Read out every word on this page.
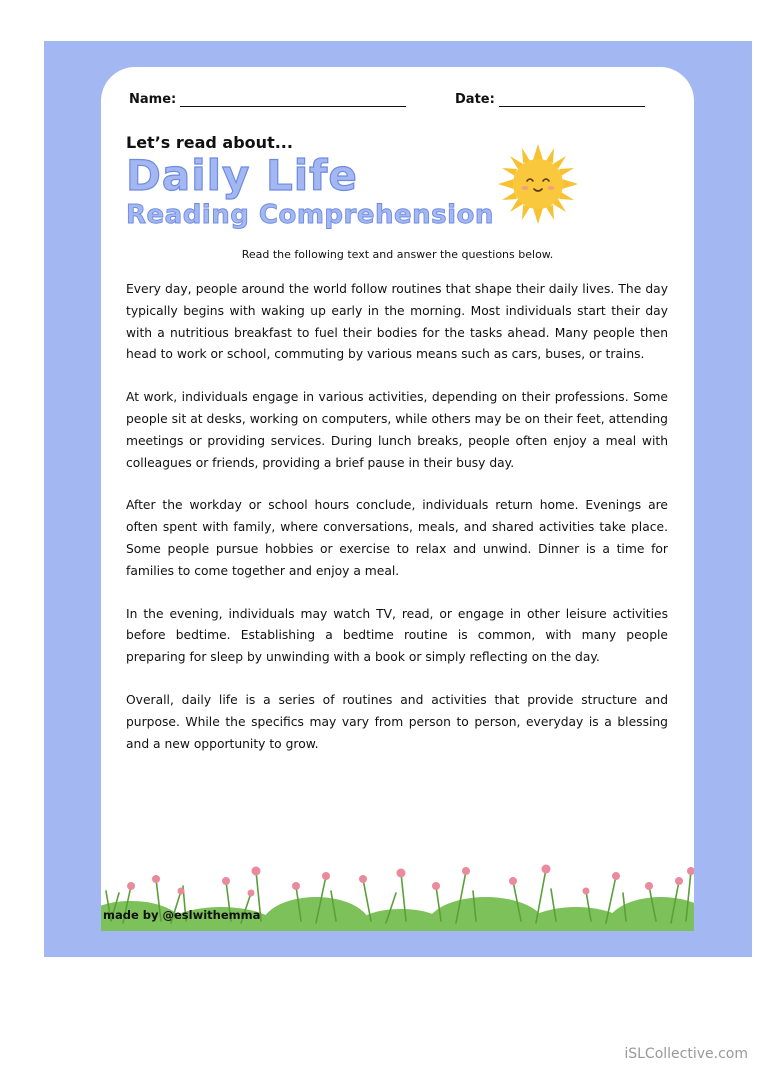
Name:	Date:
Let’s read about...
Daily Life
Reading Comprehension
Read the following text and answer the questions below.

Every day, people around the world follow routines that shape their daily lives. The day typically begins with waking up early in the morning. Most individuals start their day with a nutritious breakfast to fuel their bodies for the tasks ahead. Many people then head to work or school, commuting by various means such as cars, buses, or trains.

At work, individuals engage in various activities, depending on their professions. Some people sit at desks, working on computers, while others may be on their feet, attending meetings or providing services. During lunch breaks, people often enjoy a meal with colleagues or friends, providing a brief pause in their busy day.

After the workday or school hours conclude, individuals return home. Evenings are often spent with family, where conversations, meals, and shared activities take place. Some people pursue hobbies or exercise to relax and unwind. Dinner is a time for families to come together and enjoy a meal.

In the evening, individuals may watch TV, read, or engage in other leisure activities before bedtime. Establishing a bedtime routine is common, with many people preparing for sleep by unwinding with a book or simply reflecting on the day.

Overall, daily life is a series of routines and activities that provide structure and purpose. While the specifics may vary from person to person, everyday is a blessing and a new opportunity to grow.

made by @eslwithemma
iSLCollective.com
